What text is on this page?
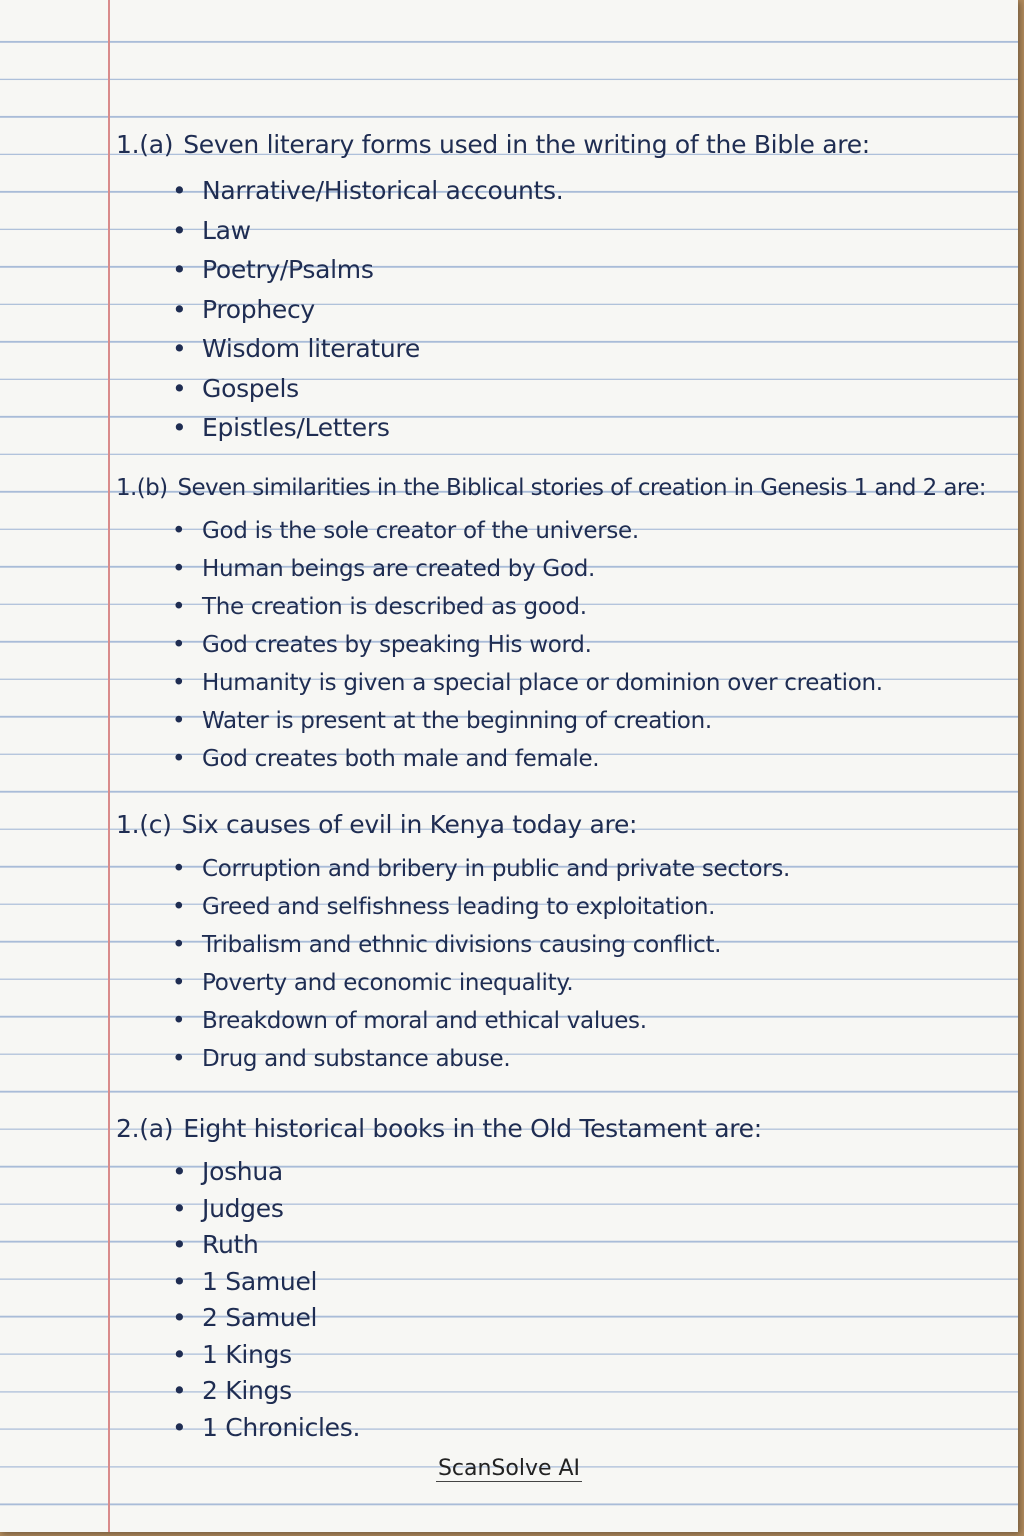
1.(a) Seven literary forms used in the writing of the Bible are:
• Narrative/Historical accounts.
• Law
• Poetry/Psalms
• Prophecy
• Wisdom literature
• Gospels
• Epistles/Letters
1.(b) Seven similarities in the Biblical stories of creation in Genesis 1 and 2 are:
• God is the sole creator of the universe.
• Human beings are created by God.
• The creation is described as good.
• God creates by speaking His word.
• Humanity is given a special place or dominion over creation.
• Water is present at the beginning of creation.
• God creates both male and female.
1.(c) Six causes of evil in Kenya today are:
• Corruption and bribery in public and private sectors.
• Greed and selfishness leading to exploitation.
• Tribalism and ethnic divisions causing conflict.
• Poverty and economic inequality.
• Breakdown of moral and ethical values.
• Drug and substance abuse.
2.(a) Eight historical books in the Old Testament are:
• Joshua
• Judges
• Ruth
• 1 Samuel
• 2 Samuel
• 1 Kings
• 2 Kings
• 1 Chronicles.
ScanSolve AI
